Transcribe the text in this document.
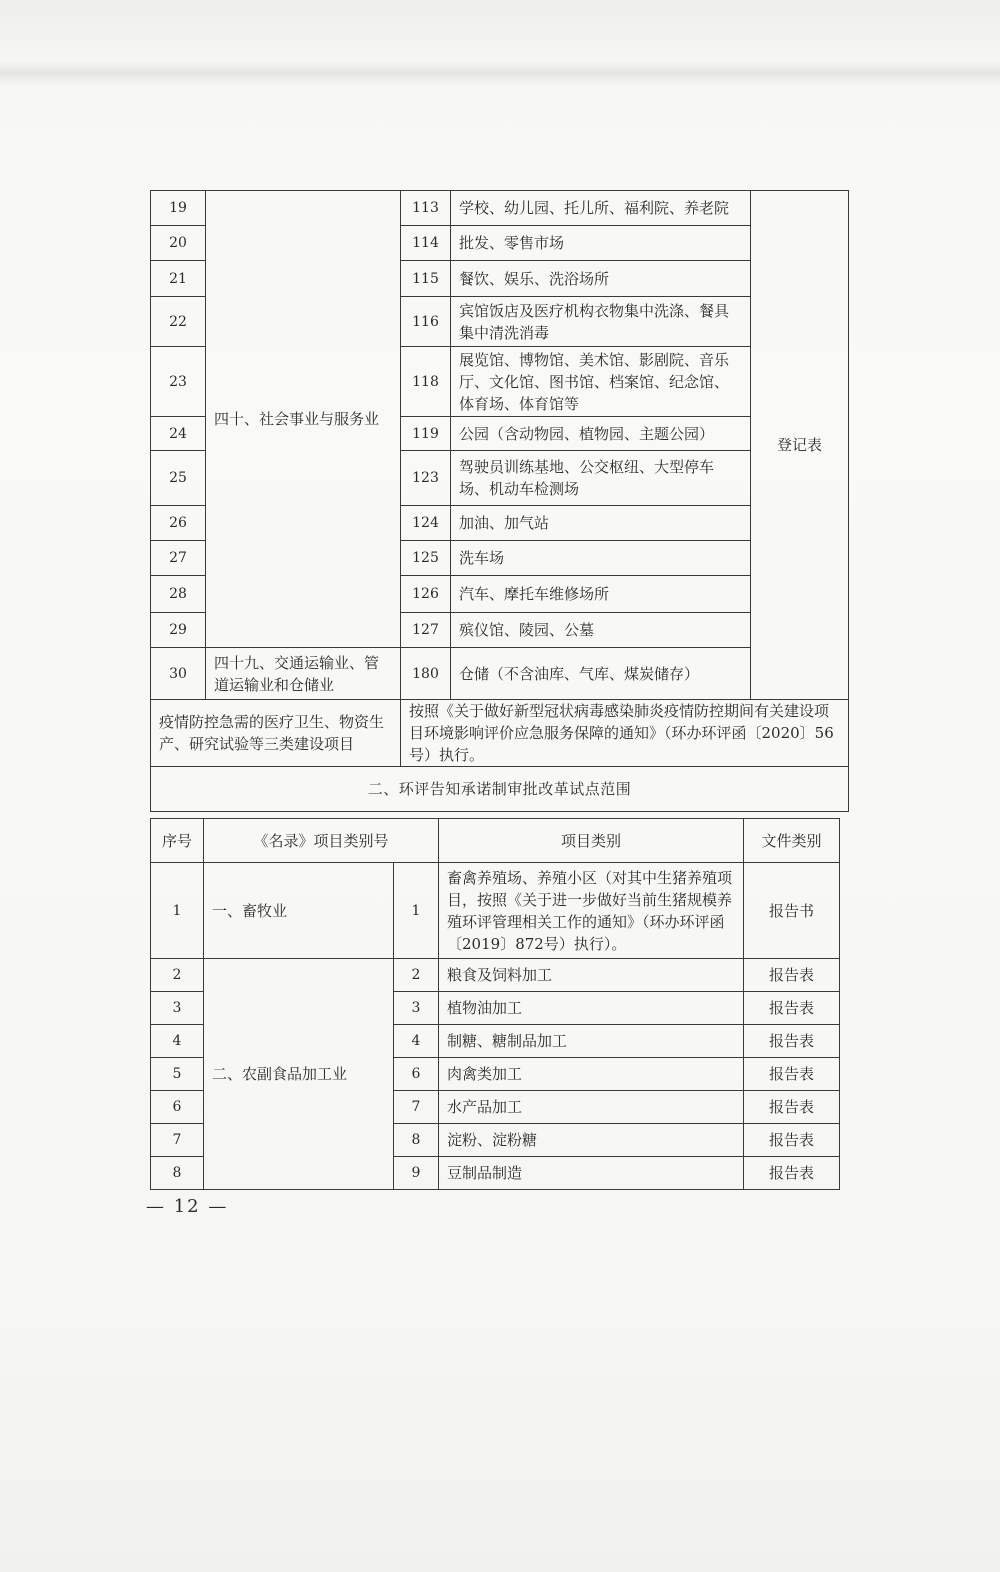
19	四十、社会事业与服务业	113	学校、幼儿园、托儿所、福利院、养老院	登记表
20		114	批发、零售市场	
21		115	餐饮、娱乐、洗浴场所	
22		116	宾馆饭店及医疗机构衣物集中洗涤、餐具集中清洗消毒	
23		118	展览馆、博物馆、美术馆、影剧院、音乐厅、文化馆、图书馆、档案馆、纪念馆、体育场、体育馆等	
24		119	公园（含动物园、植物园、主题公园）	
25		123	驾驶员训练基地、公交枢纽、大型停车场、机动车检测场	
26		124	加油、加气站	
27		125	洗车场	
28		126	汽车、摩托车维修场所	
29		127	殡仪馆、陵园、公墓	
30	四十九、交通运输业、管道运输业和仓储业	180	仓储（不含油库、气库、煤炭储存）	
疫情防控急需的医疗卫生、物资生产、研究试验等三类建设项目		按照《关于做好新型冠状病毒感染肺炎疫情防控期间有关建设项目环境影响评价应急服务保障的通知》（环办环评函〔2020〕56号）执行。		
二、环评告知承诺制审批改革试点范围				
序号	《名录》项目类别号		项目类别	文件类别
1	一、畜牧业	1	畜禽养殖场、养殖小区（对其中生猪养殖项目，按照《关于进一步做好当前生猪规模养殖环评管理相关工作的通知》（环办环评函〔2019〕872号）执行）。	报告书
2	二、农副食品加工业	2	粮食及饲料加工	报告表
3		3	植物油加工	报告表
4		4	制糖、糖制品加工	报告表
5		6	肉禽类加工	报告表
6		7	水产品加工	报告表
7		8	淀粉、淀粉糖	报告表
8		9	豆制品制造	报告表
— 12 —
